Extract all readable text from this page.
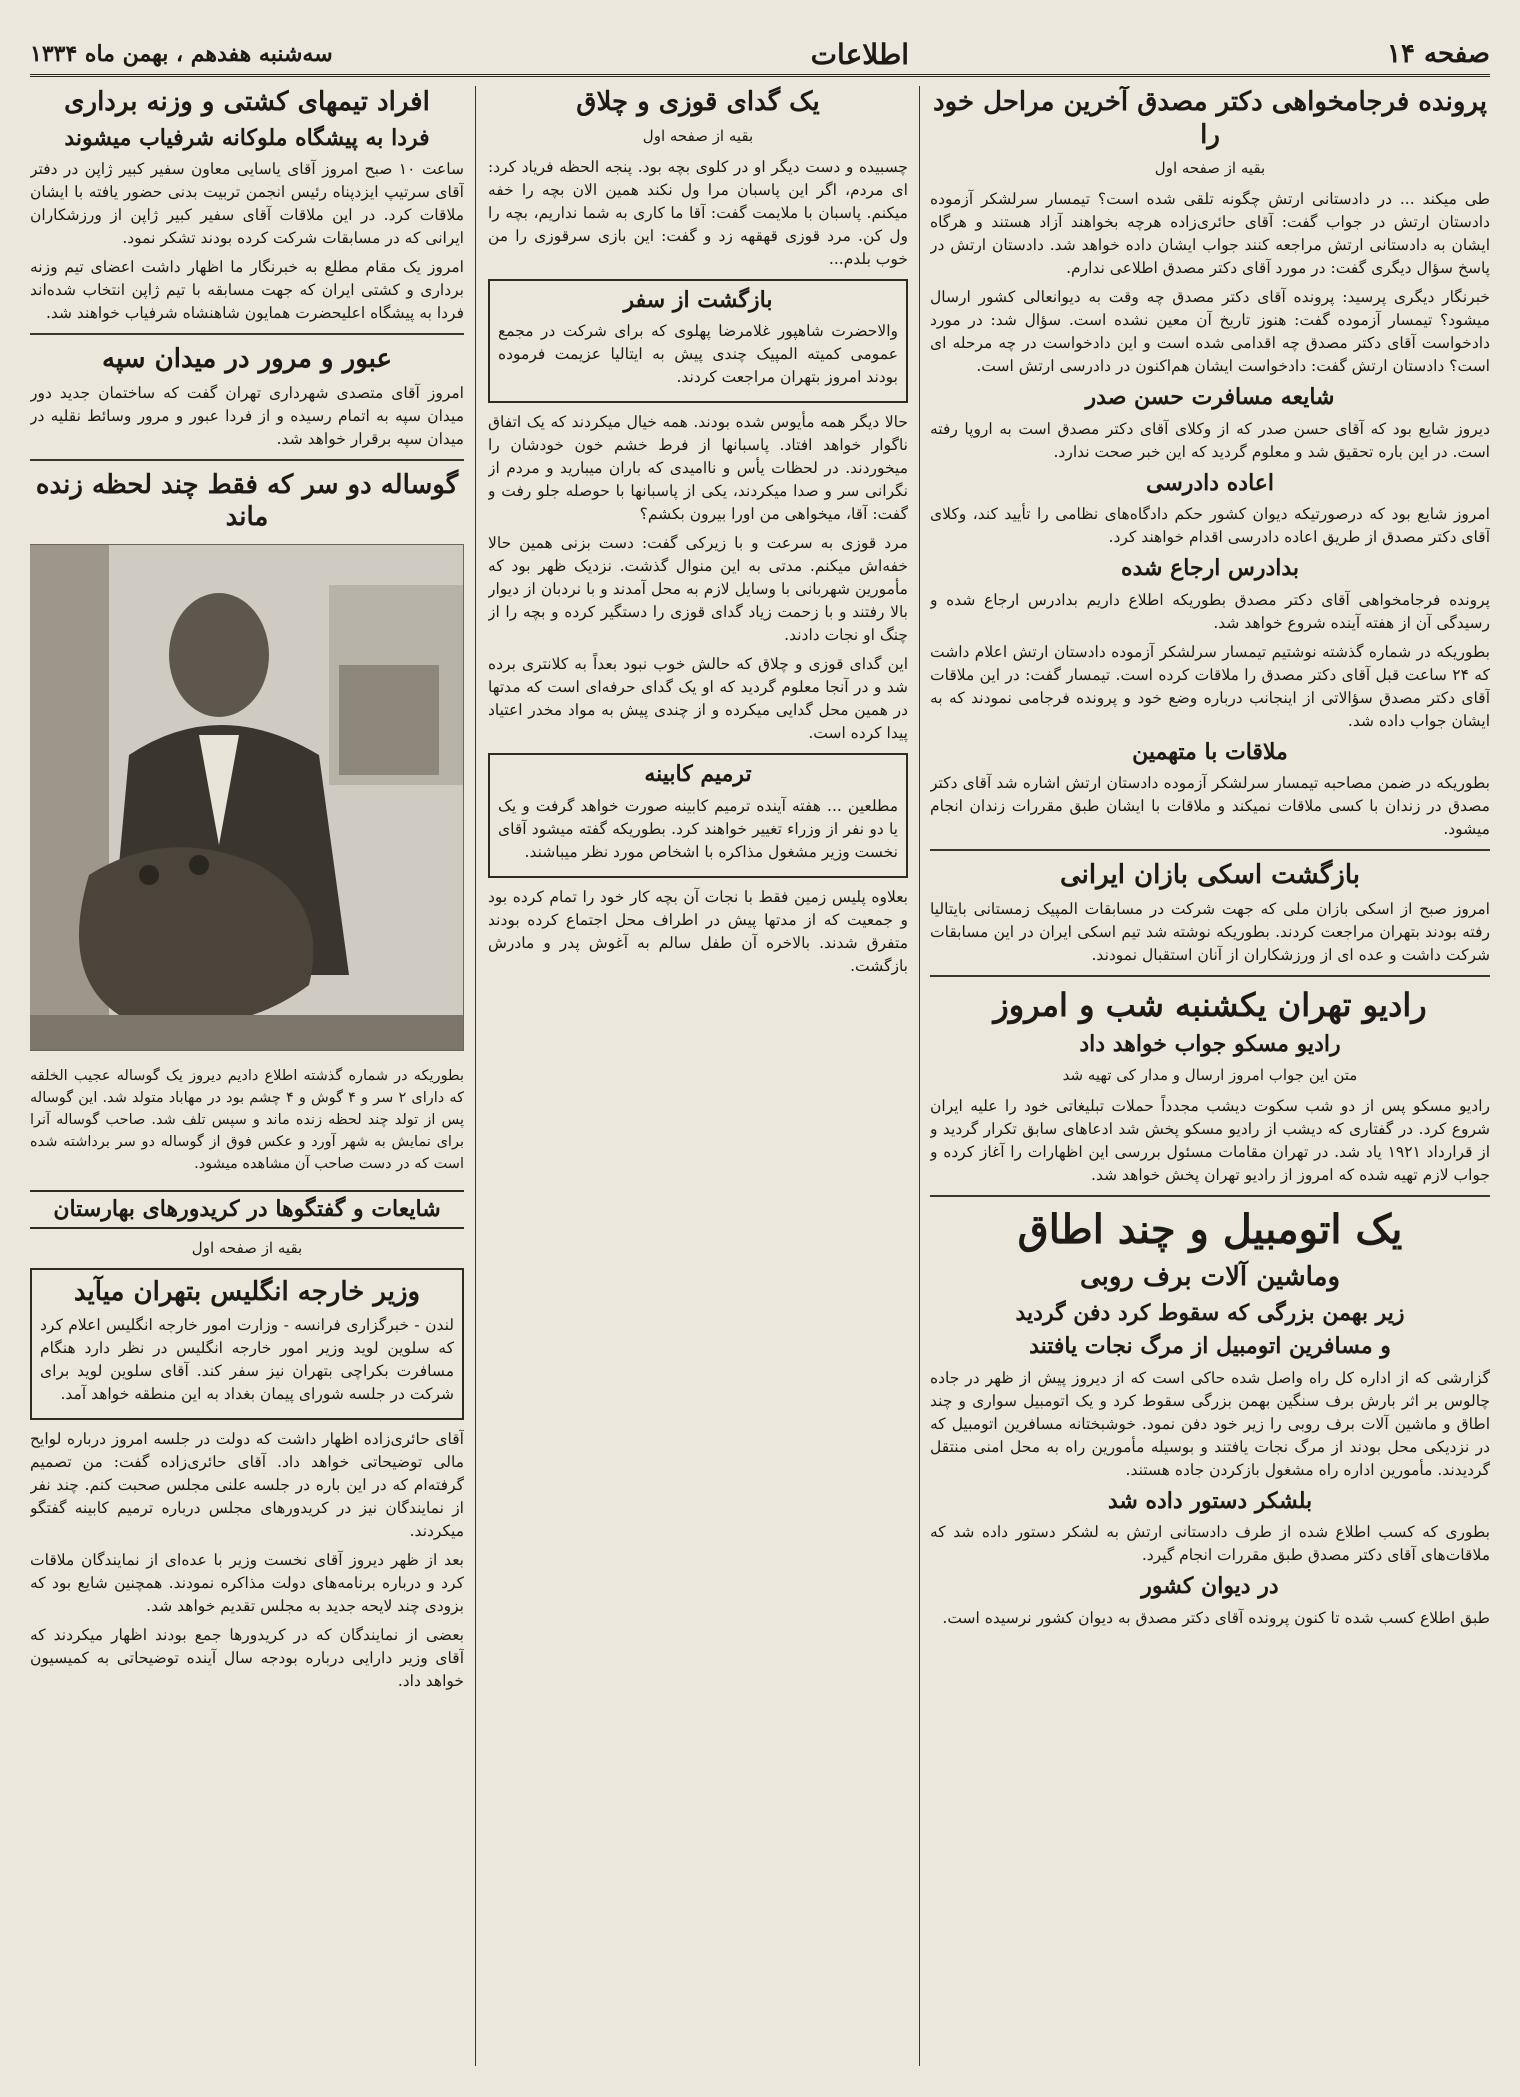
صفحه ۱۴
اطلاعات
سه‌شنبه هفدهم ، بهمن ماه ۱۳۳۴
پرونده فرجامخواهی دکتر مصدق آخرین مراحل خود را
بقیه از صفحه اول

طی میکند ... در دادستانی ارتش چگونه تلقی شده است؟ تیمسار سرلشکر آزموده دادستان ارتش در جواب گفت: آقای حائری‌زاده هرچه بخواهند آزاد هستند و هرگاه ایشان به دادستانی ارتش مراجعه کنند جواب ایشان داده خواهد شد. دادستان ارتش در پاسخ سؤال دیگری گفت: در مورد آقای دکتر مصدق اطلاعی ندارم.

خبرنگار دیگری پرسید: پرونده آقای دکتر مصدق چه وقت به دیوانعالی کشور ارسال میشود؟ تیمسار آزموده گفت: هنوز تاریخ آن معین نشده است. سؤال شد: در مورد دادخواست آقای دکتر مصدق چه اقدامی شده است و این دادخواست در چه مرحله ای است؟ دادستان ارتش گفت: دادخواست ایشان هم‌اکنون در دادرسی ارتش است.

شایعه مسافرت حسن صدر

دیروز شایع بود که آقای حسن صدر که از وکلای آقای دکتر مصدق است به اروپا رفته است. در این باره تحقیق شد و معلوم گردید که این خبر صحت ندارد.

اعاده دادرسی

امروز شایع بود که درصورتیکه دیوان کشور حکم دادگاه‌های نظامی را تأیید کند، وکلای آقای دکتر مصدق از طریق اعاده دادرسی اقدام خواهند کرد.

بدادرس ارجاع شده

پرونده فرجامخواهی آقای دکتر مصدق بطوریکه اطلاع داریم بدادرس ارجاع شده و رسیدگی آن از هفته آینده شروع خواهد شد.

بطوریکه در شماره گذشته نوشتیم تیمسار سرلشکر آزموده دادستان ارتش اعلام داشت که ۲۴ ساعت قبل آقای دکتر مصدق را ملاقات کرده است. تیمسار گفت: در این ملاقات آقای دکتر مصدق سؤالاتی از اینجانب درباره وضع خود و پرونده فرجامی نمودند که به ایشان جواب داده شد.

ملاقات با متهمین

بطوریکه در ضمن مصاحبه تیمسار سرلشکر آزموده دادستان ارتش اشاره شد آقای دکتر مصدق در زندان با کسی ملاقات نمیکند و ملاقات با ایشان طبق مقررات زندان انجام میشود.

بازگشت اسکی بازان ایرانی

امروز صبح از اسکی بازان ملی که جهت شرکت در مسابقات المپیک زمستانی بایتالیا رفته بودند بتهران مراجعت کردند. بطوریکه نوشته شد تیم اسکی ایران در این مسابقات شرکت داشت و عده ای از ورزشکاران از آنان استقبال نمودند.

رادیو تهران یکشنبه شب و امروز
رادیو مسکو جواب خواهد داد
متن این جواب امروز ارسال و مدار کی تهیه شد

رادیو مسکو پس از دو شب سکوت دیشب مجدداً حملات تبلیغاتی خود را علیه ایران شروع کرد. در گفتاری که دیشب از رادیو مسکو پخش شد ادعاهای سابق تکرار گردید و از قرارداد ۱۹۲۱ یاد شد. در تهران مقامات مسئول بررسی این اظهارات را آغاز کرده و جواب لازم تهیه شده که امروز از رادیو تهران پخش خواهد شد.

یک اتومبیل و چند اطاق
وماشین آلات برف روبی
زیر بهمن بزرگی که سقوط کرد دفن گردید
و مسافرین اتومبیل از مرگ نجات یافتند

گزارشی که از اداره کل راه واصل شده حاکی است که از دیروز پیش از ظهر در جاده چالوس بر اثر بارش برف سنگین بهمن بزرگی سقوط کرد و یک اتومبیل سواری و چند اطاق و ماشین آلات برف روبی را زیر خود دفن نمود. خوشبختانه مسافرین اتومبیل که در نزدیکی محل بودند از مرگ نجات یافتند و بوسیله مأمورین راه به محل امنی منتقل گردیدند. مأمورین اداره راه مشغول بازکردن جاده هستند.

بلشکر دستور داده شد

بطوری که کسب اطلاع شده از طرف دادستانی ارتش به لشکر دستور داده شد که ملاقات‌های آقای دکتر مصدق طبق مقررات انجام گیرد.

در دیوان کشور

طبق اطلاع کسب شده تا کنون پرونده آقای دکتر مصدق به دیوان کشور نرسیده است.

یک گدای قوزی و چلاق
بقیه از صفحه اول

چسبیده و دست دیگر او در کلوی بچه بود. پنجه الحظه فریاد کرد: ای مردم، اگر این پاسبان مرا ول نکند همین الان بچه را خفه میکنم. پاسبان با ملایمت گفت: آقا ما کاری به شما نداریم، بچه را ول کن. مرد قوزی قهقهه زد و گفت: این بازی سرقوزی را من خوب بلدم...

بازگشت از سفر

والاحضرت شاهپور غلامرضا پهلوی که برای شرکت در مجمع عمومی کمیته المپیک چندی پیش به ایتالیا عزیمت فرموده بودند امروز بتهران مراجعت کردند.

حالا دیگر همه مأیوس شده بودند. همه خیال میکردند که یک اتفاق ناگوار خواهد افتاد. پاسبانها از فرط خشم خون خودشان را میخوردند. در لحظات یأس و ناامیدی که باران میبارید و مردم از نگرانی سر و صدا میکردند، یکی از پاسبانها با حوصله جلو رفت و گفت: آقا، میخواهی من اورا بیرون بکشم؟

مرد قوزی به سرعت و با زیرکی گفت: دست بزنی همین حالا خفه‌اش میکنم. مدتی به این منوال گذشت. نزدیک ظهر بود که مأمورین شهربانی با وسایل لازم به محل آمدند و با نردبان از دیوار بالا رفتند و با زحمت زیاد گدای قوزی را دستگیر کرده و بچه را از چنگ او نجات دادند.

این گدای قوزی و چلاق که حالش خوب نبود بعداً به کلانتری برده شد و در آنجا معلوم گردید که او یک گدای حرفه‌ای است که مدتها در همین محل گدایی میکرده و از چندی پیش به مواد مخدر اعتیاد پیدا کرده است.

ترمیم کابینه

مطلعین ... هفته آینده ترمیم کابینه صورت خواهد گرفت و یک یا دو نفر از وزراء تغییر خواهند کرد. بطوریکه گفته میشود آقای نخست وزیر مشغول مذاکره با اشخاص مورد نظر میباشند.

بعلاوه پلیس زمین فقط با نجات آن بچه کار خود را تمام کرده بود و جمعیت که از مدتها پیش در اطراف محل اجتماع کرده بودند متفرق شدند. بالاخره آن طفل سالم به آغوش پدر و مادرش بازگشت.

افراد تیمهای کشتی و وزنه برداری
فردا به پیشگاه ملوکانه شرفیاب میشوند

ساعت ۱۰ صبح امروز آقای یاسایی معاون سفیر کبیر ژاپن در دفتر آقای سرتیپ ایزدپناه رئیس انجمن تربیت بدنی حضور یافته با ایشان ملاقات کرد. در این ملاقات آقای سفیر کبیر ژاپن از ورزشکاران ایرانی که در مسابقات شرکت کرده بودند تشکر نمود.

امروز یک مقام مطلع به خبرنگار ما اظهار داشت اعضای تیم وزنه برداری و کشتی ایران که جهت مسابقه با تیم ژاپن انتخاب شده‌اند فردا به پیشگاه اعلیحضرت همایون شاهنشاه شرفیاب خواهند شد.

عبور و مرور در میدان سپه

امروز آقای متصدی شهرداری تهران گفت که ساختمان جدید دور میدان سپه به اتمام رسیده و از فردا عبور و مرور وسائط نقلیه در میدان سپه برقرار خواهد شد.

گوساله دو سر که فقط چند لحظه زنده ماند

بطوریکه در شماره گذشته اطلاع دادیم دیروز یک گوساله عجیب الخلقه که دارای ۲ سر و ۴ گوش و ۴ چشم بود در مهاباد متولد شد. این گوساله پس از تولد چند لحظه زنده ماند و سپس تلف شد. صاحب گوساله آنرا برای نمایش به شهر آورد و عکس فوق از گوساله دو سر برداشته شده است که در دست صاحب آن مشاهده میشود.

شایعات و گفتگوها در کریدورهای بهارستان
بقیه از صفحه اول
وزیر خارجه انگلیس بتهران میآید

لندن - خبرگزاری فرانسه - وزارت امور خارجه انگلیس اعلام کرد که سلوین لوید وزیر امور خارجه انگلیس در نظر دارد هنگام مسافرت بکراچی بتهران نیز سفر کند. آقای سلوین لوید برای شرکت در جلسه شورای پیمان بغداد به این منطقه خواهد آمد.

آقای حائری‌زاده اظهار داشت که دولت در جلسه امروز درباره لوایح مالی توضیحاتی خواهد داد. آقای حائری‌زاده گفت: من تصمیم گرفته‌ام که در این باره در جلسه علنی مجلس صحبت کنم. چند نفر از نمایندگان نیز در کریدورهای مجلس درباره ترمیم کابینه گفتگو میکردند.

بعد از ظهر دیروز آقای نخست وزیر با عده‌ای از نمایندگان ملاقات کرد و درباره برنامه‌های دولت مذاکره نمودند. همچنین شایع بود که بزودی چند لایحه جدید به مجلس تقدیم خواهد شد.

بعضی از نمایندگان که در کریدورها جمع بودند اظهار میکردند که آقای وزیر دارایی درباره بودجه سال آینده توضیحاتی به کمیسیون خواهد داد.
